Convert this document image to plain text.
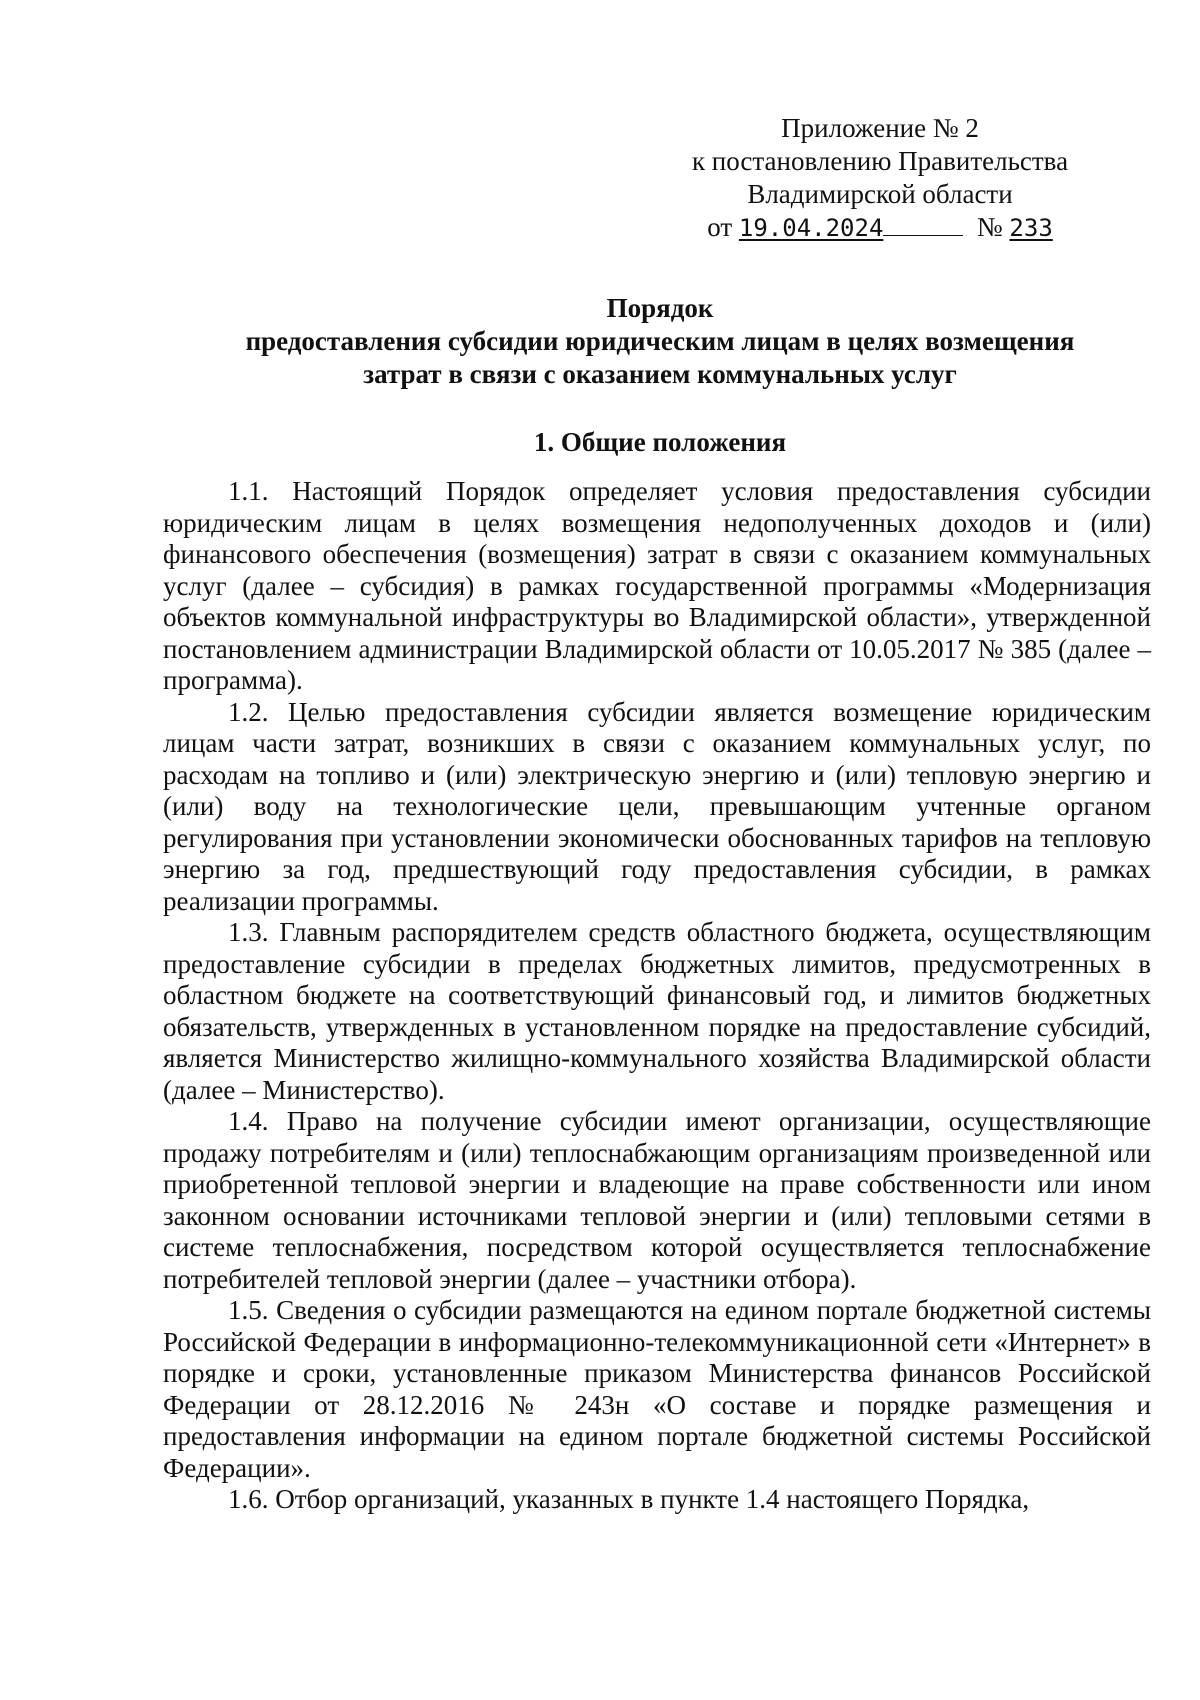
Приложение № 2
к постановлению Правительства
Владимирской области
от 19.04.2024	№ 233
Порядок
предоставления субсидии юридическим лицам в целях возмещения
затрат в связи с оказанием коммунальных услуг
1. Общие положения

1.1. Настоящий Порядок определяет условия предоставления субсидии юридическим лицам в целях возмещения недополученных доходов и (или) финансового обеспечения (возмещения) затрат в связи с оказанием коммунальных услуг (далее – субсидия) в рамках государственной программы «Модернизация объектов коммунальной инфраструктуры во Владимирской области», утвержденной постановлением администрации Владимирской области от 10.05.2017 № 385 (далее – программа).

1.2. Целью предоставления субсидии является возмещение юридическим лицам части затрат, возникших в связи с оказанием коммунальных услуг, по расходам на топливо и (или) электрическую энергию и (или) тепловую энергию и (или) воду на технологические цели, превышающим учтенные органом регулирования при установлении экономически обоснованных тарифов на тепловую энергию за год, предшествующий году предоставления субсидии, в рамках реализации программы.

1.3. Главным распорядителем средств областного бюджета, осуществляющим предоставление субсидии в пределах бюджетных лимитов, предусмотренных в областном бюджете на соответствующий финансовый год, и лимитов бюджетных обязательств, утвержденных в установленном порядке на предоставление субсидий, является Министерство жилищно-коммунального хозяйства Владимирской области (далее – Министерство).

1.4. Право на получение субсидии имеют организации, осуществляющие продажу потребителям и (или) теплоснабжающим организациям произведенной или приобретенной тепловой энергии и владеющие на праве собственности или ином законном основании источниками тепловой энергии и (или) тепловыми сетями в системе теплоснабжения, посредством которой осуществляется теплоснабжение потребителей тепловой энергии (далее – участники отбора).

1.5. Сведения о субсидии размещаются на едином портале бюджетной системы Российской Федерации в информационно-телекоммуникационной сети «Интернет» в порядке и сроки, установленные приказом Министерства финансов Российской Федерации от 28.12.2016 № 243н «О составе и порядке размещения и предоставления информации на едином портале бюджетной системы Российской Федерации».

1.6. Отбор организаций, указанных в пункте 1.4 настоящего Порядка,
